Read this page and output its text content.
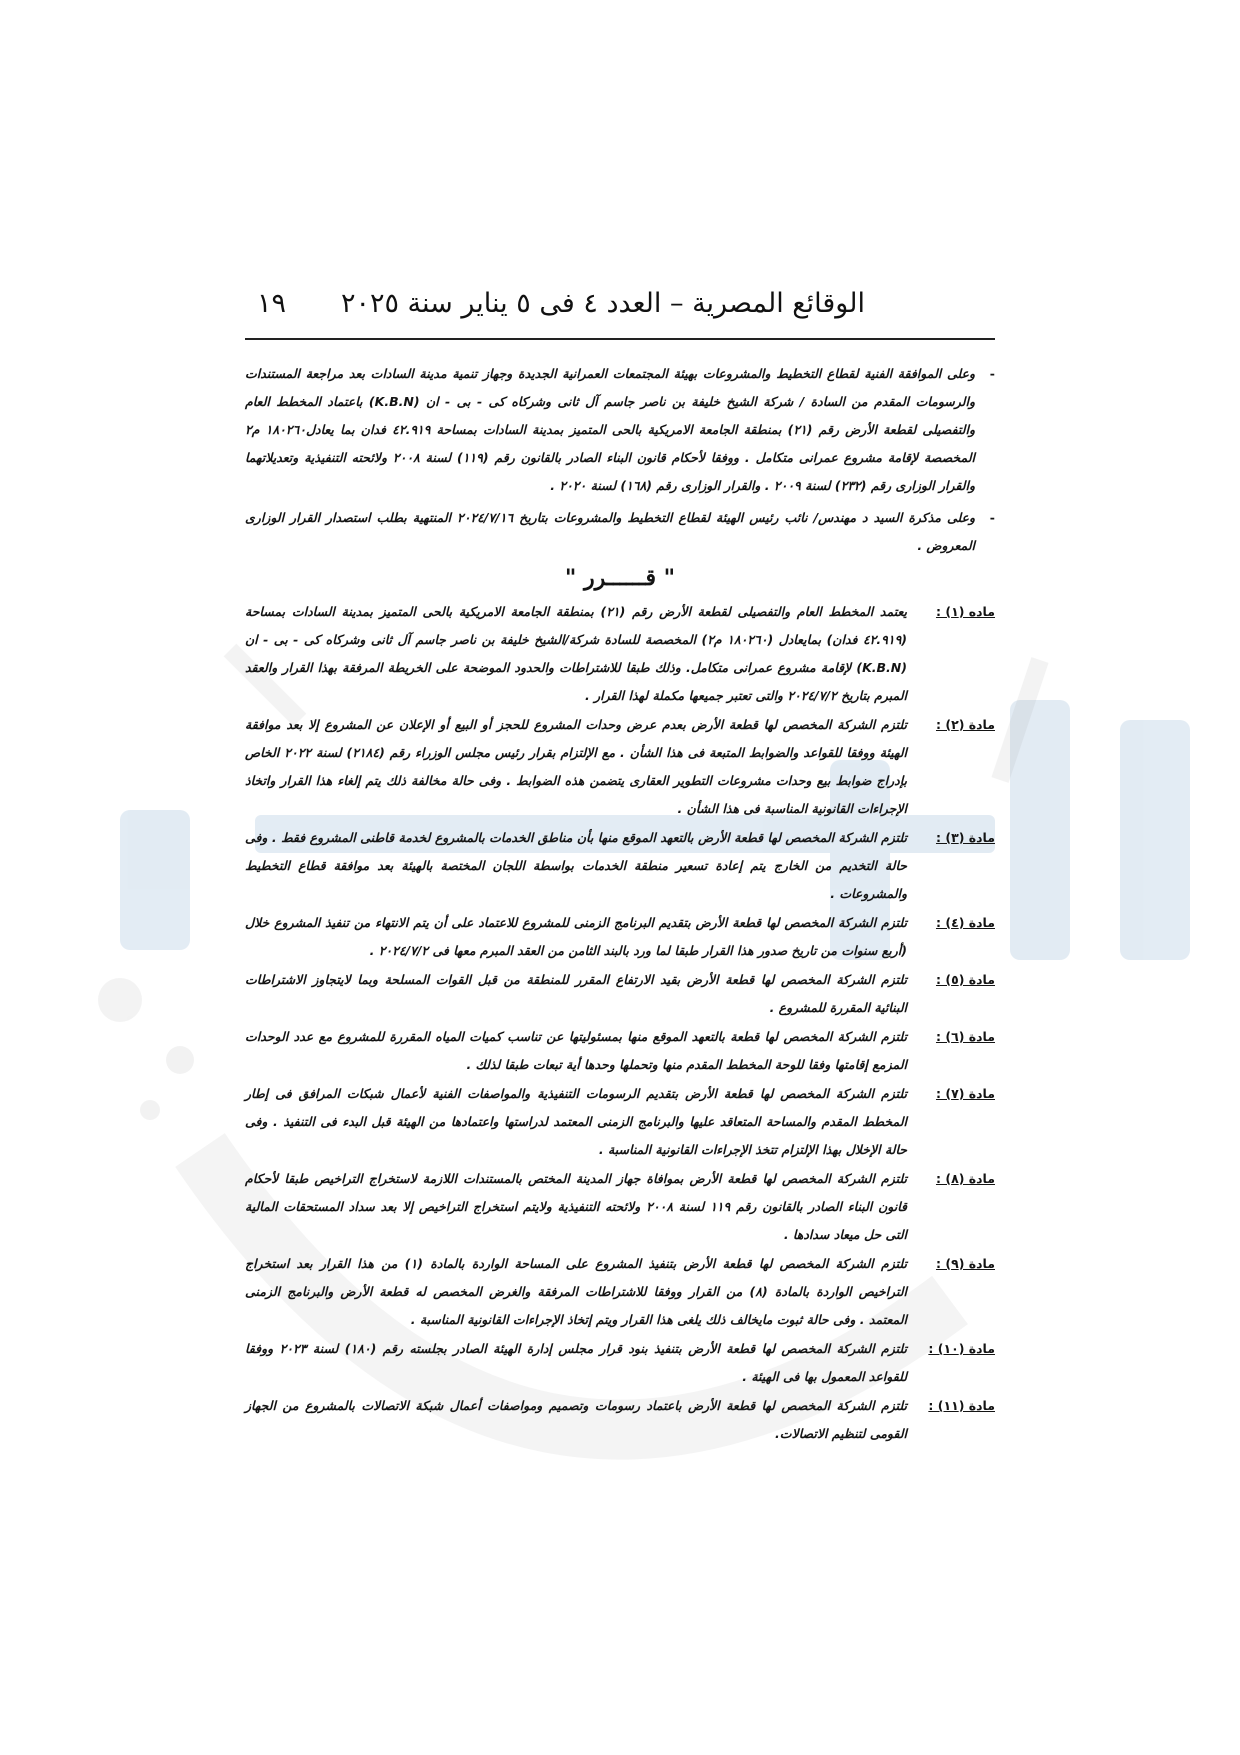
الوقائع المصرية – العدد ٤ فى ٥ يناير سنة ٢٠٢٥
١٩
-
وعلى الموافقة الفنية لقطاع التخطيط والمشروعات بهيئة المجتمعات العمرانية الجديدة وجهاز تنمية مدينة السادات بعد مراجعة المستندات والرسومات المقدم من السادة / شركة الشيخ خليفة بن ناصر جاسم آل ثانى وشركاه كى - بى - ان (K.B.N) باعتماد المخطط العام والتفصيلى لقطعة الأرض رقم (٢١) بمنطقة الجامعة الامريكية بالحى المتميز بمدينة السادات بمساحة ٤٢.٩١٩ فدان بما يعادل١٨٠٢٦٠ م٢ المخصصة لإقامة مشروع عمرانى متكامل . ووفقا لأحكام قانون البناء الصادر بالقانون رقم (١١٩) لسنة ٢٠٠٨ ولائحته التنفيذية وتعديلاتهما والقرار الوزارى رقم (٢٣٢) لسنة ٢٠٠٩ . والقرار الوزارى رقم (١٦٨) لسنة ٢٠٢٠ .
-
وعلى مذكرة السيد د مهندس/ نائب رئيس الهيئة لقطاع التخطيط والمشروعات بتاريخ ٢٠٢٤/٧/١٦ المنتهية بطلب استصدار القرار الوزارى المعروض .
" قــــــرر "
ماده (١) :
يعتمد المخطط العام والتفصيلى لقطعة الأرض رقم (٢١) بمنطقة الجامعة الامريكية بالحى المتميز بمدينة السادات بمساحة (٤٢.٩١٩ فدان) بمايعادل (١٨٠٢٦٠ م٢) المخصصة للسادة شركة/الشيخ خليفة بن ناصر جاسم آل ثانى وشركاه كى - بى - ان (K.B.N) لإقامة مشروع عمرانى متكامل. وذلك طبقا للاشتراطات والحدود الموضحة على الخريطة المرفقة بهذا القرار والعقد المبرم بتاريخ ٢٠٢٤/٧/٢ والتى تعتبر جميعها مكملة لهذا القرار .
مادة (٢) :
تلتزم الشركة المخصص لها قطعة الأرض بعدم عرض وحدات المشروع للحجز أو البيع أو الإعلان عن المشروع إلا بعد موافقة الهيئة ووفقا للقواعد والضوابط المتبعة فى هذا الشأن . مع الإلتزام بقرار رئيس مجلس الوزراء رقم (٢١٨٤) لسنة ٢٠٢٢ الخاص بإدراج ضوابط بيع وحدات مشروعات التطوير العقارى يتضمن هذه الضوابط . وفى حالة مخالفة ذلك يتم إلغاء هذا القرار واتخاذ الإجراءات القانونية المناسبة فى هذا الشأن .
مادة (٣) :
تلتزم الشركة المخصص لها قطعة الأرض بالتعهد الموقع منها بأن مناطق الخدمات بالمشروع لخدمة قاطنى المشروع فقط . وفى حالة التخديم من الخارج يتم إعادة تسعير منطقة الخدمات بواسطة اللجان المختصة بالهيئة بعد موافقة قطاع التخطيط والمشروعات .
مادة (٤) :
تلتزم الشركة المخصص لها قطعة الأرض بتقديم البرنامج الزمنى للمشروع للاعتماد على أن يتم الانتهاء من تنفيذ المشروع خلال (أربع سنوات من تاريخ صدور هذا القرار طبقا لما ورد بالبند الثامن من العقد المبرم معها فى ٢٠٢٤/٧/٢ .
مادة (٥) :
تلتزم الشركة المخصص لها قطعة الأرض بقيد الارتفاع المقرر للمنطقة من قبل القوات المسلحة وبما لايتجاوز الاشتراطات البنائية المقررة للمشروع .
مادة (٦) :
تلتزم الشركة المخصص لها قطعة بالتعهد الموقع منها بمسئوليتها عن تناسب كميات المياه المقررة للمشروع مع عدد الوحدات المزمع إقامتها وفقا للوحة المخطط المقدم منها وتحملها وحدها أية تبعات طبقا لذلك .
مادة (٧) :
تلتزم الشركة المخصص لها قطعة الأرض بتقديم الرسومات التنفيذية والمواصفات الفنية لأعمال شبكات المرافق فى إطار المخطط المقدم والمساحة المتعاقد عليها والبرنامج الزمنى المعتمد لدراستها واعتمادها من الهيئة قبل البدء فى التنفيذ . وفى حالة الإخلال بهذا الإلتزام تتخذ الإجراءات القانونية المناسبة .
مادة (٨) :
تلتزم الشركة المخصص لها قطعة الأرض بموافاة جهاز المدينة المختص بالمستندات اللازمة لاستخراج التراخيص طبقا لأحكام قانون البناء الصادر بالقانون رقم ١١٩ لسنة ٢٠٠٨ ولائحته التنفيذية ولايتم استخراج التراخيص إلا بعد سداد المستحقات المالية التى حل ميعاد سدادها .
مادة (٩) :
تلتزم الشركة المخصص لها قطعة الأرض بتنفيذ المشروع على المساحة الواردة بالمادة (١) من هذا القرار بعد استخراج التراخيص الواردة بالمادة (٨) من القرار ووفقا للاشتراطات المرفقة والغرض المخصص له قطعة الأرض والبرنامج الزمنى المعتمد . وفى حالة ثبوت مايخالف ذلك يلغى هذا القرار ويتم إتخاذ الإجراءات القانونية المناسبة .
مادة (١٠) :
تلتزم الشركة المخصص لها قطعة الأرض بتنفيذ بنود قرار مجلس إدارة الهيئة الصادر بجلسته رقم (١٨٠) لسنة ٢٠٢٣ ووفقا للقواعد المعمول بها فى الهيئة .
مادة (١١) :
تلتزم الشركة المخصص لها قطعة الأرض باعتماد رسومات وتصميم ومواصفات أعمال شبكة الاتصالات بالمشروع من الجهاز القومى لتنظيم الاتصالات.
